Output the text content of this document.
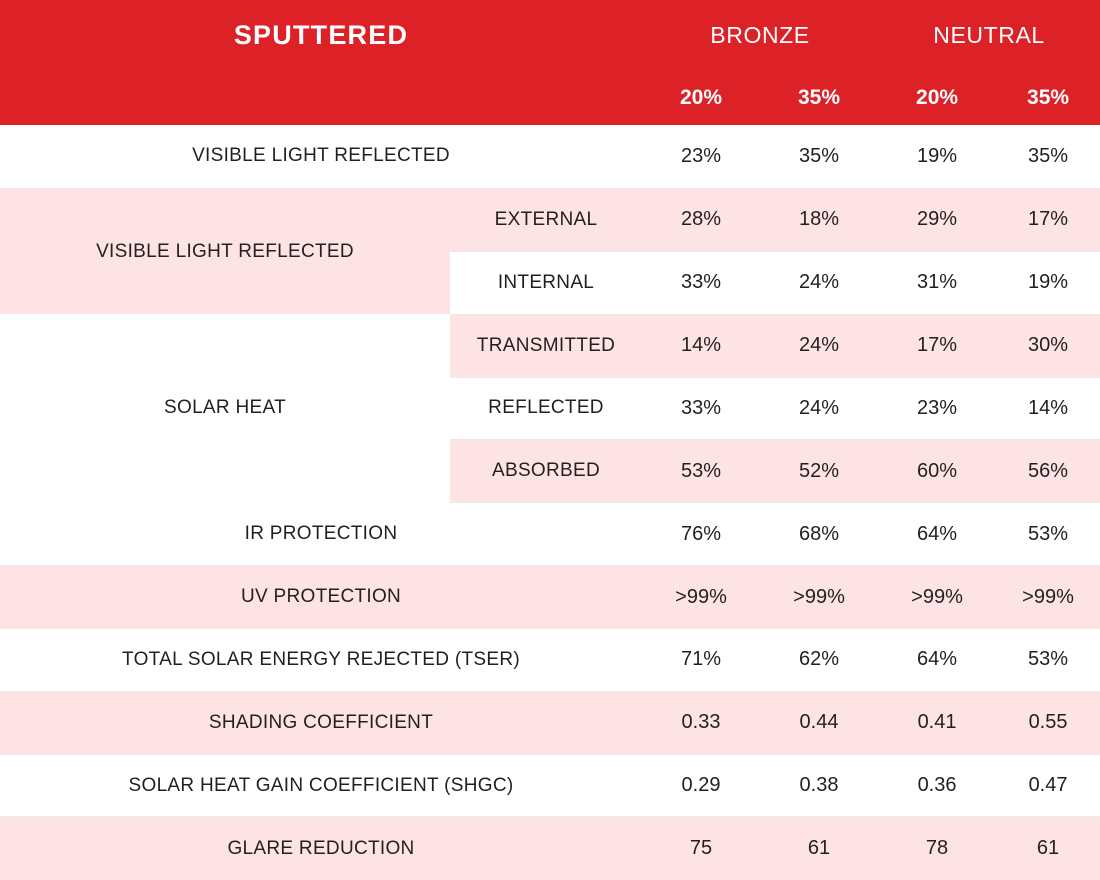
SPUTTERED		BRONZE		NEUTRAL	
		20%	35%	20%	35%
VISIBLE LIGHT REFLECTED		23%	35%	19%	35%
VISIBLE LIGHT REFLECTED	EXTERNAL	28%	18%	29%	17%
	INTERNAL	33%	24%	31%	19%
SOLAR HEAT	TRANSMITTED	14%	24%	17%	30%
	REFLECTED	33%	24%	23%	14%
	ABSORBED	53%	52%	60%	56%
IR PROTECTION		76%	68%	64%	53%
UV PROTECTION		>99%	>99%	>99%	>99%
TOTAL SOLAR ENERGY REJECTED (TSER)		71%	62%	64%	53%
SHADING COEFFICIENT		0.33	0.44	0.41	0.55
SOLAR HEAT GAIN COEFFICIENT (SHGC)		0.29	0.38	0.36	0.47
GLARE REDUCTION		75	61	78	61
